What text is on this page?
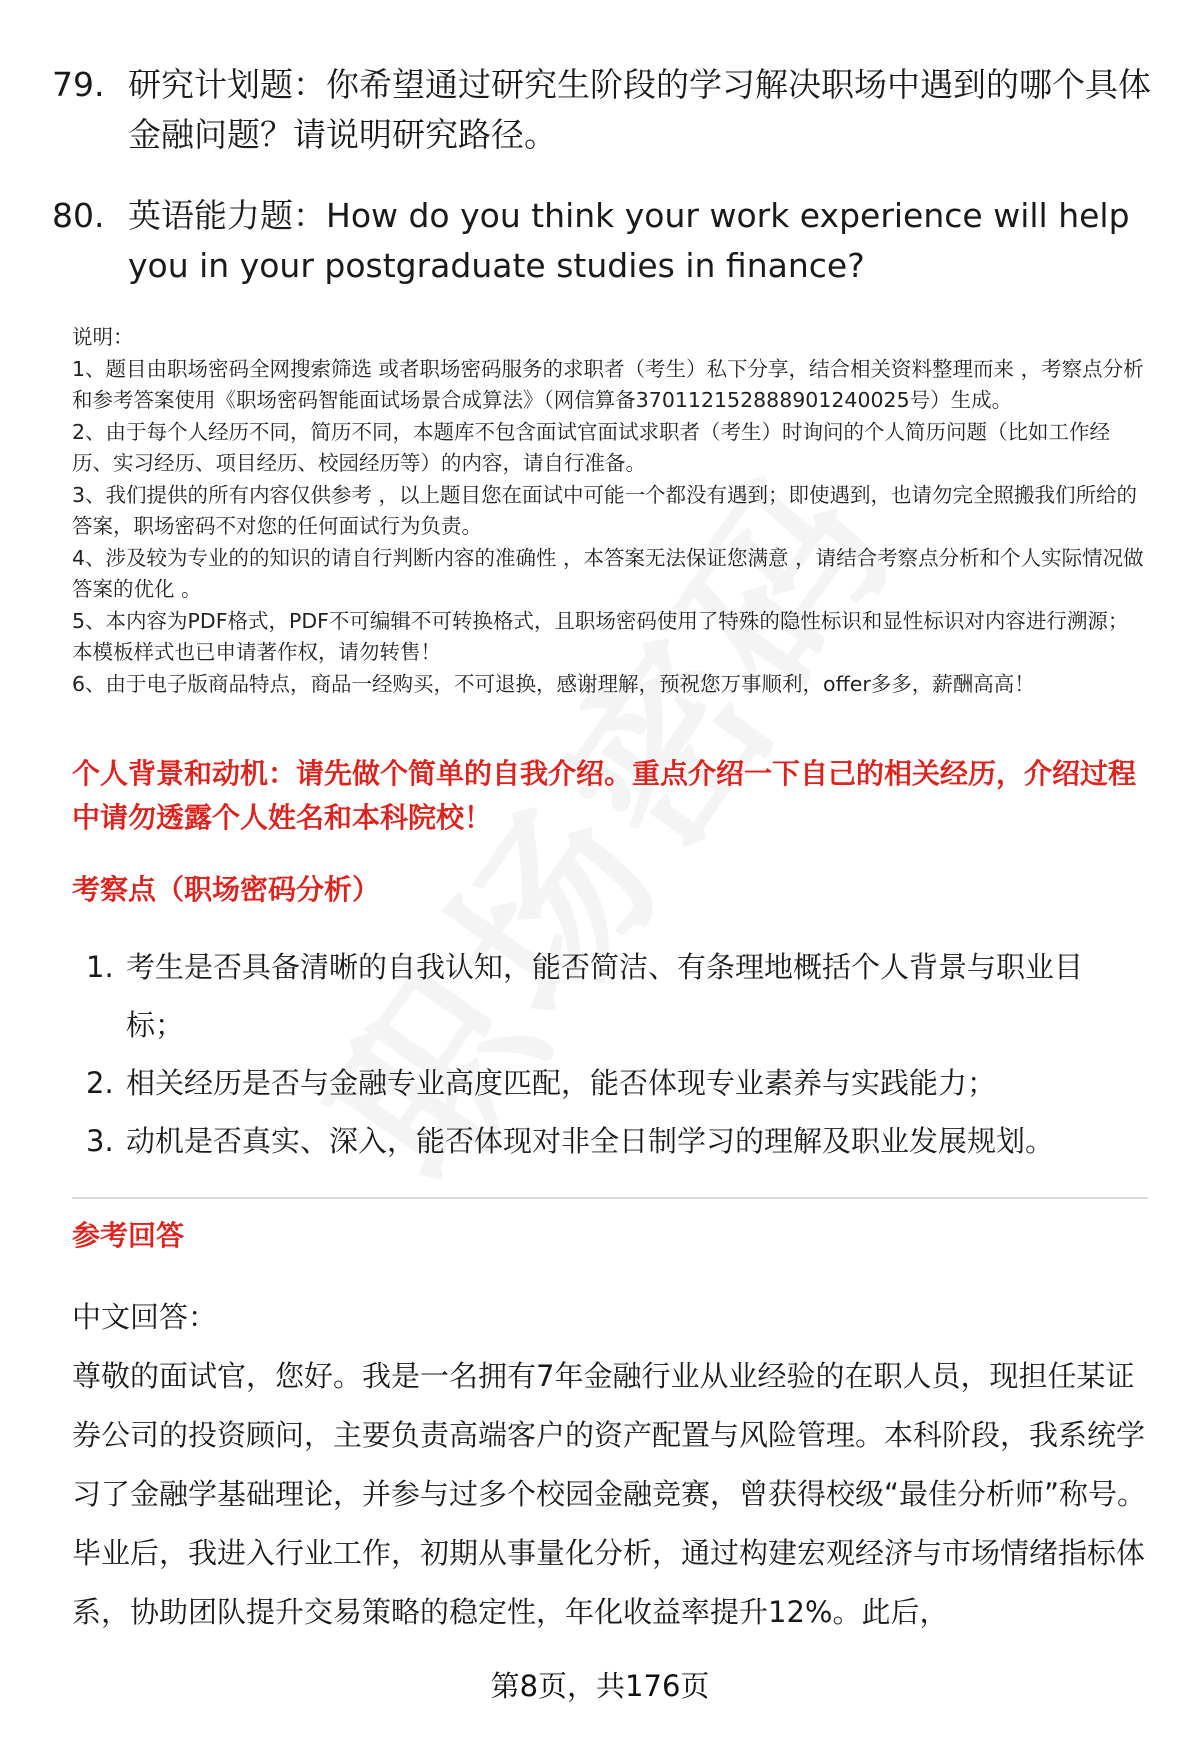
79. 研究计划题：你希望通过研究生阶段的学习解决职场中遇到的哪个具体金融问题？请说明研究路径。
80. 英语能力题：How do you think your work experience will help you in your postgraduate studies in finance?

说明：

1、题目由职场密码全网搜索筛选 或者职场密码服务的求职者（考生）私下分享，结合相关资料整理而来 ，考察点分析和参考答案使用《职场密码智能面试场景合成算法》（网信算备370112152888901240025号）生成。

2、由于每个人经历不同，简历不同，本题库不包含面试官面试求职者（考生）时询问的个人简历问题（比如工作经历、实习经历、项目经历、校园经历等）的内容，请自行准备。

3、我们提供的所有内容仅供参考 ，以上题目您在面试中可能一个都没有遇到；即使遇到，也请勿完全照搬我们所给的答案，职场密码不对您的任何面试行为负责。

4、涉及较为专业的的知识的请自行判断内容的准确性 ，本答案无法保证您满意 ，请结合考察点分析和个人实际情况做答案的优化 。

5、本内容为PDF格式，PDF不可编辑不可转换格式，且职场密码使用了特殊的隐性标识和显性标识对内容进行溯源；本模板样式也已申请著作权，请勿转售！

6、由于电子版商品特点，商品一经购买，不可退换，感谢理解，预祝您万事顺利，offer多多，薪酬高高！

个人背景和动机：请先做个简单的自我介绍。重点介绍一下自己的相关经历，介绍过程中请勿透露个人姓名和本科院校！
考察点（职场密码分析）
1. 考生是否具备清晰的自我认知，能否简洁、有条理地概括个人背景与职业目标；
2. 相关经历是否与金融专业高度匹配，能否体现专业素养与实践能力；
3. 动机是否真实、深入，能否体现对非全日制学习的理解及职业发展规划。
参考回答

中文回答：

尊敬的面试官，您好。我是一名拥有7年金融行业从业经验的在职人员，现担任某证券公司的投资顾问，主要负责高端客户的资产配置与风险管理。本科阶段，我系统学习了金融学基础理论，并参与过多个校园金融竞赛，曾获得校级“最佳分析师”称号。毕业后，我进入行业工作，初期从事量化分析，通过构建宏观经济与市场情绪指标体系，协助团队提升交易策略的稳定性，年化收益率提升12%。此后，

第8页，共176页
